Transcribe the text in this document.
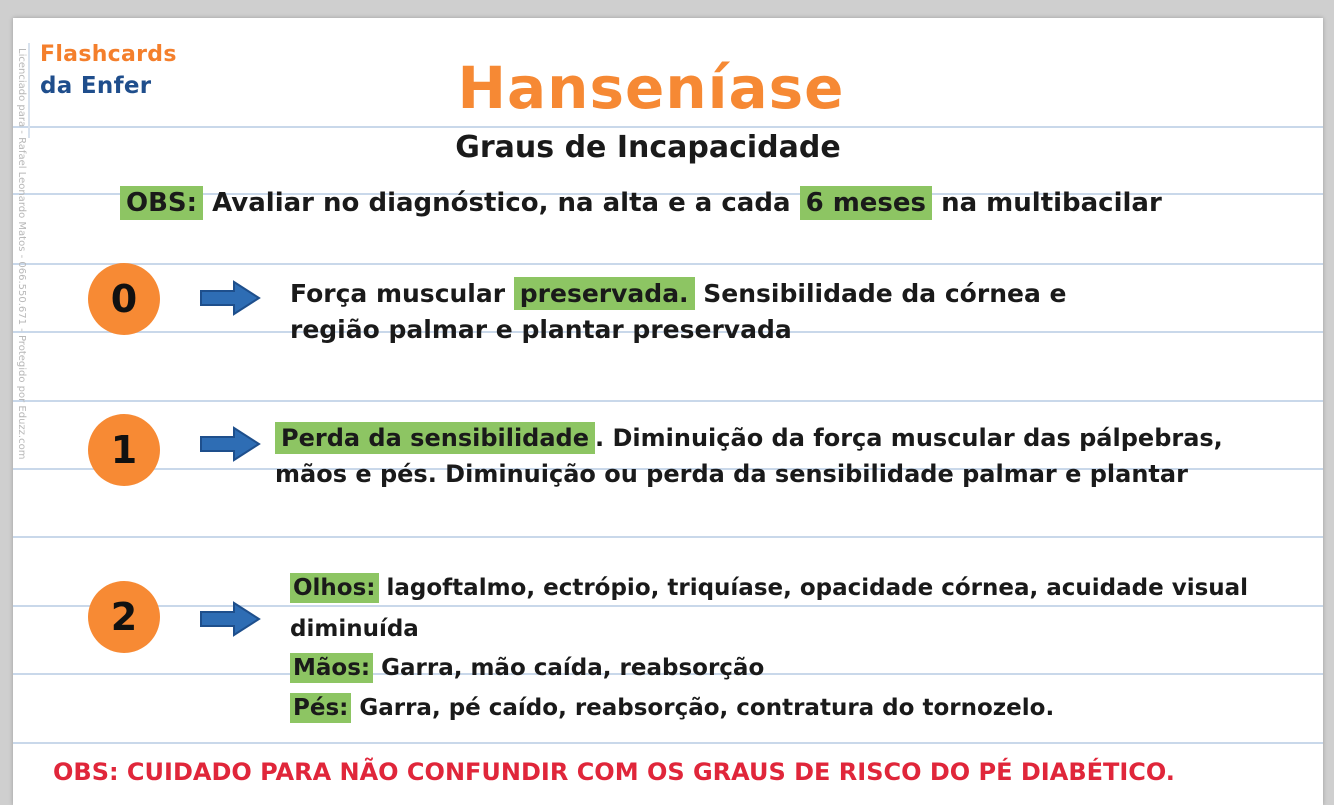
Licenciado para - Rafael Leonardo Matos - 066.550.671 - Protegido por Eduzz.com Flashcards
da Enfer	Hanseníase
Graus de Incapacidade
OBS: Avaliar no diagnóstico, na alta e a cada 6 meses na multibacilar
0	Força muscular preservada. Sensibilidade da córnea e região palmar e plantar preservada
1	Perda da sensibilidade . Diminuição da força muscular das pálpebras, mãos e pés. Diminuição ou perda da sensibilidade palmar e plantar
2
Olhos: lagoftalmo, ectrópio, triquíase, opacidade córnea, acuidade visual
diminuída
Mãos: Garra, mão caída, reabsorção
Pés: Garra, pé caído, reabsorção, contratura do tornozelo.
OBS: CUIDADO PARA NÃO CONFUNDIR COM OS GRAUS DE RISCO DO PÉ DIABÉTICO.
